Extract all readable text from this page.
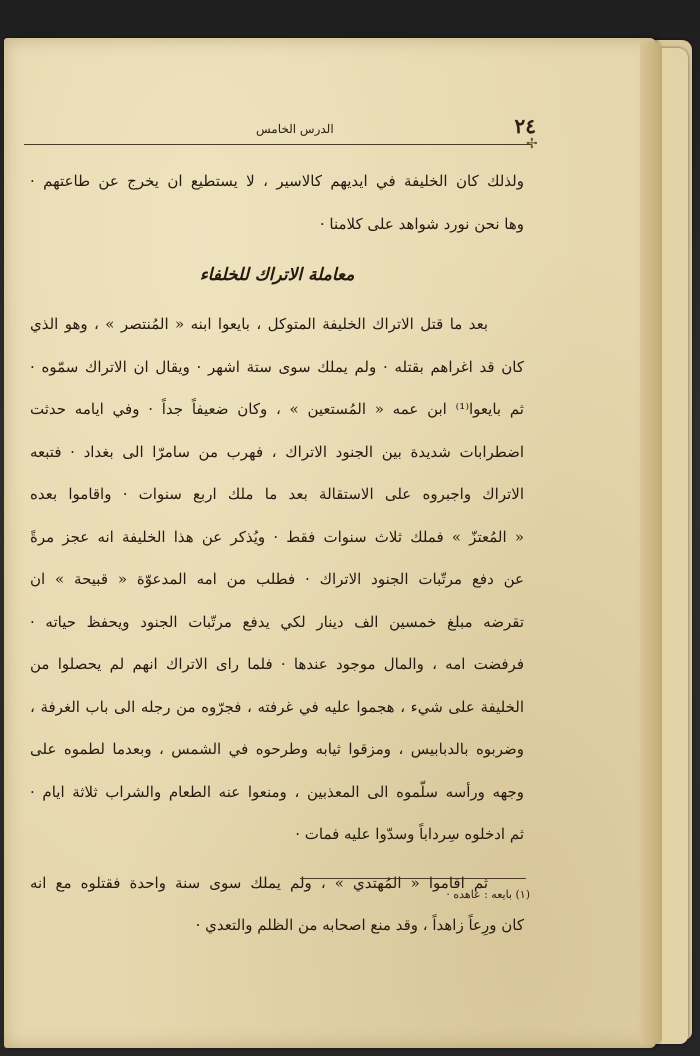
٢٤
الدرس الخامس
✢
ولذلك كان الخليفة في ايديهم كالاسير ، لا يستطيع ان يخرج عن طاعتهم ·
وها نحن نورد شواهد على كلامنا ·
معاملة الاتراك للخلفاء
بعد ما قتل الاتراك الخليفة المتوكل ، بايعوا ابنه « المُنتصر » ، وهو الذي
كان قد اغراهم بقتله · ولم يملك سوى ستة اشهر · ويقال ان الاتراك سمّوه ·
ثم بايعوا⁽¹⁾ ابن عمه « المُستعين » ، وكان ضعيفاً جداً · وفي ايامه حدثت
اضطرابات شديدة بين الجنود الاتراك ، فهرب من سامرّا الى بغداد · فتبعه
الاتراك واجبروه على الاستقالة بعد ما ملك اربع سنوات · واقاموا بعده
« المُعتزّ » فملك ثلاث سنوات فقط · ويُذكر عن هذا الخليفة انه عجز مرةً
عن دفع مرتّبات الجنود الاتراك · فطلب من امه المدعوّة « قبيحة » ان
تقرضه مبلغ خمسين الف دينار لكي يدفع مرتّبات الجنود ويحفظ حياته ·
فرفضت امه ، والمال موجود عندها · فلما راى الاتراك انهم لم يحصلوا من
الخليفة على شيء ، هجموا عليه في غرفته ، فجرّوه من رجله الى باب الغرفة ،
وضربوه بالدبابيس ، ومزقوا ثيابه وطرحوه في الشمس ، وبعدما لطموه على
وجهه ورأسه سلّموه الى المعذبين ، ومنعوا عنه الطعام والشراب ثلاثة ايام ·
ثم ادخلوه سِرداباً وسدّوا عليه فمات ·
ثم اقاموا « المُهتدي » ، ولم يملك سوى سنة واحدة فقتلوه مع انه
كان ورِعاً زاهداً ، وقد منع اصحابه من الظلم والتعدي ·
(١) بايعه : عاهده ·
